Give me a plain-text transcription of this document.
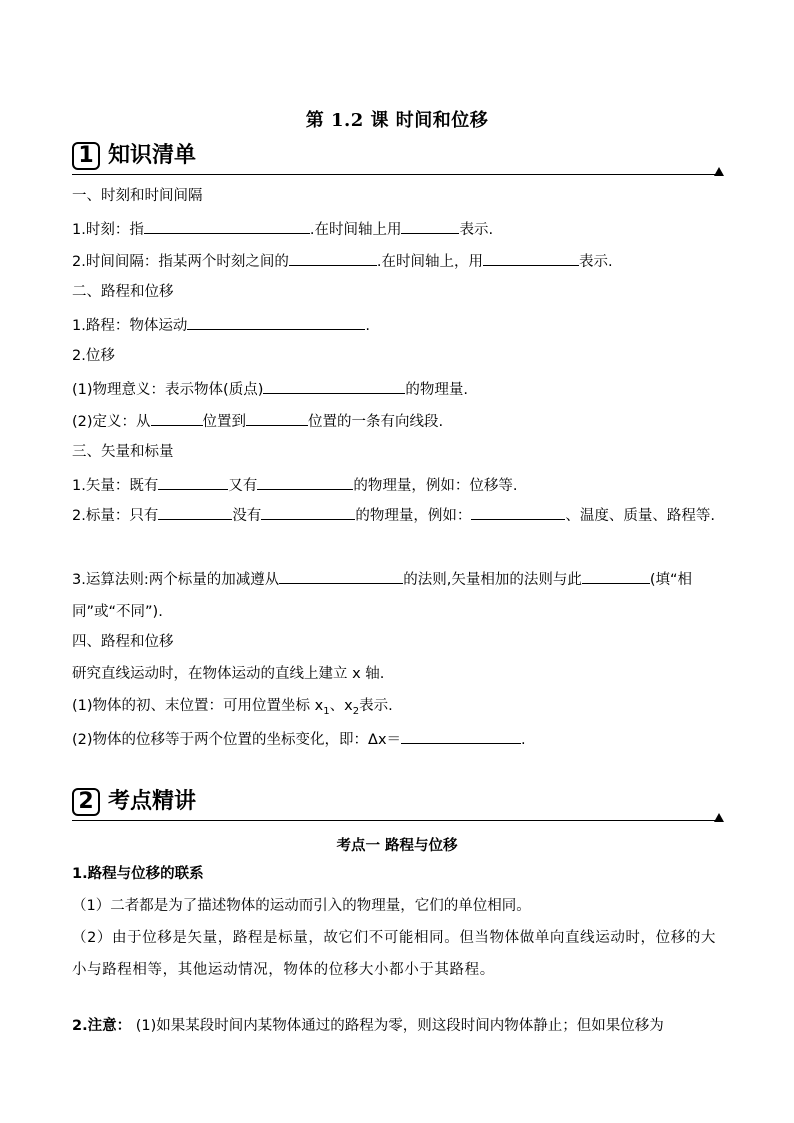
第 1.2 课 时间和位移
1 知识清单
一、时刻和时间间隔
1.时刻：指	.在时间轴上用	表示.
2.时间间隔：指某两个时刻之间的	.在时间轴上，用	表示.
二、路程和位移
1.路程：物体运动	.
2.位移
(1)物理意义：表示物体(质点)	的物理量.
(2)定义：从	位置到	位置的一条有向线段.
三、矢量和标量
1.矢量：既有	又有	的物理量，例如：位移等.
2.标量：只有	没有	的物理量，例如：	、温度、质量、路程等.
3.运算法则:两个标量的加减遵从	的法则,矢量相加的法则与此	(填“相同”或“不同”).
四、路程和位移
研究直线运动时，在物体运动的直线上建立 x 轴.
(1)物体的初、末位置：可用位置坐标 $x_1$、$x_2$表示.
(2)物体的位移等于两个位置的坐标变化，即：Δx＝	.
2 考点精讲
考点一 路程与位移
1.路程与位移的联系
（1）二者都是为了描述物体的运动而引入的物理量，它们的单位相同。
（2）由于位移是矢量，路程是标量，故它们不可能相同。但当物体做单向直线运动时，位移的大小与路程相等，其他运动情况，物体的位移大小都小于其路程。
2.注意： (1)如果某段时间内某物体通过的路程为零，则这段时间内物体静止；但如果位移为
